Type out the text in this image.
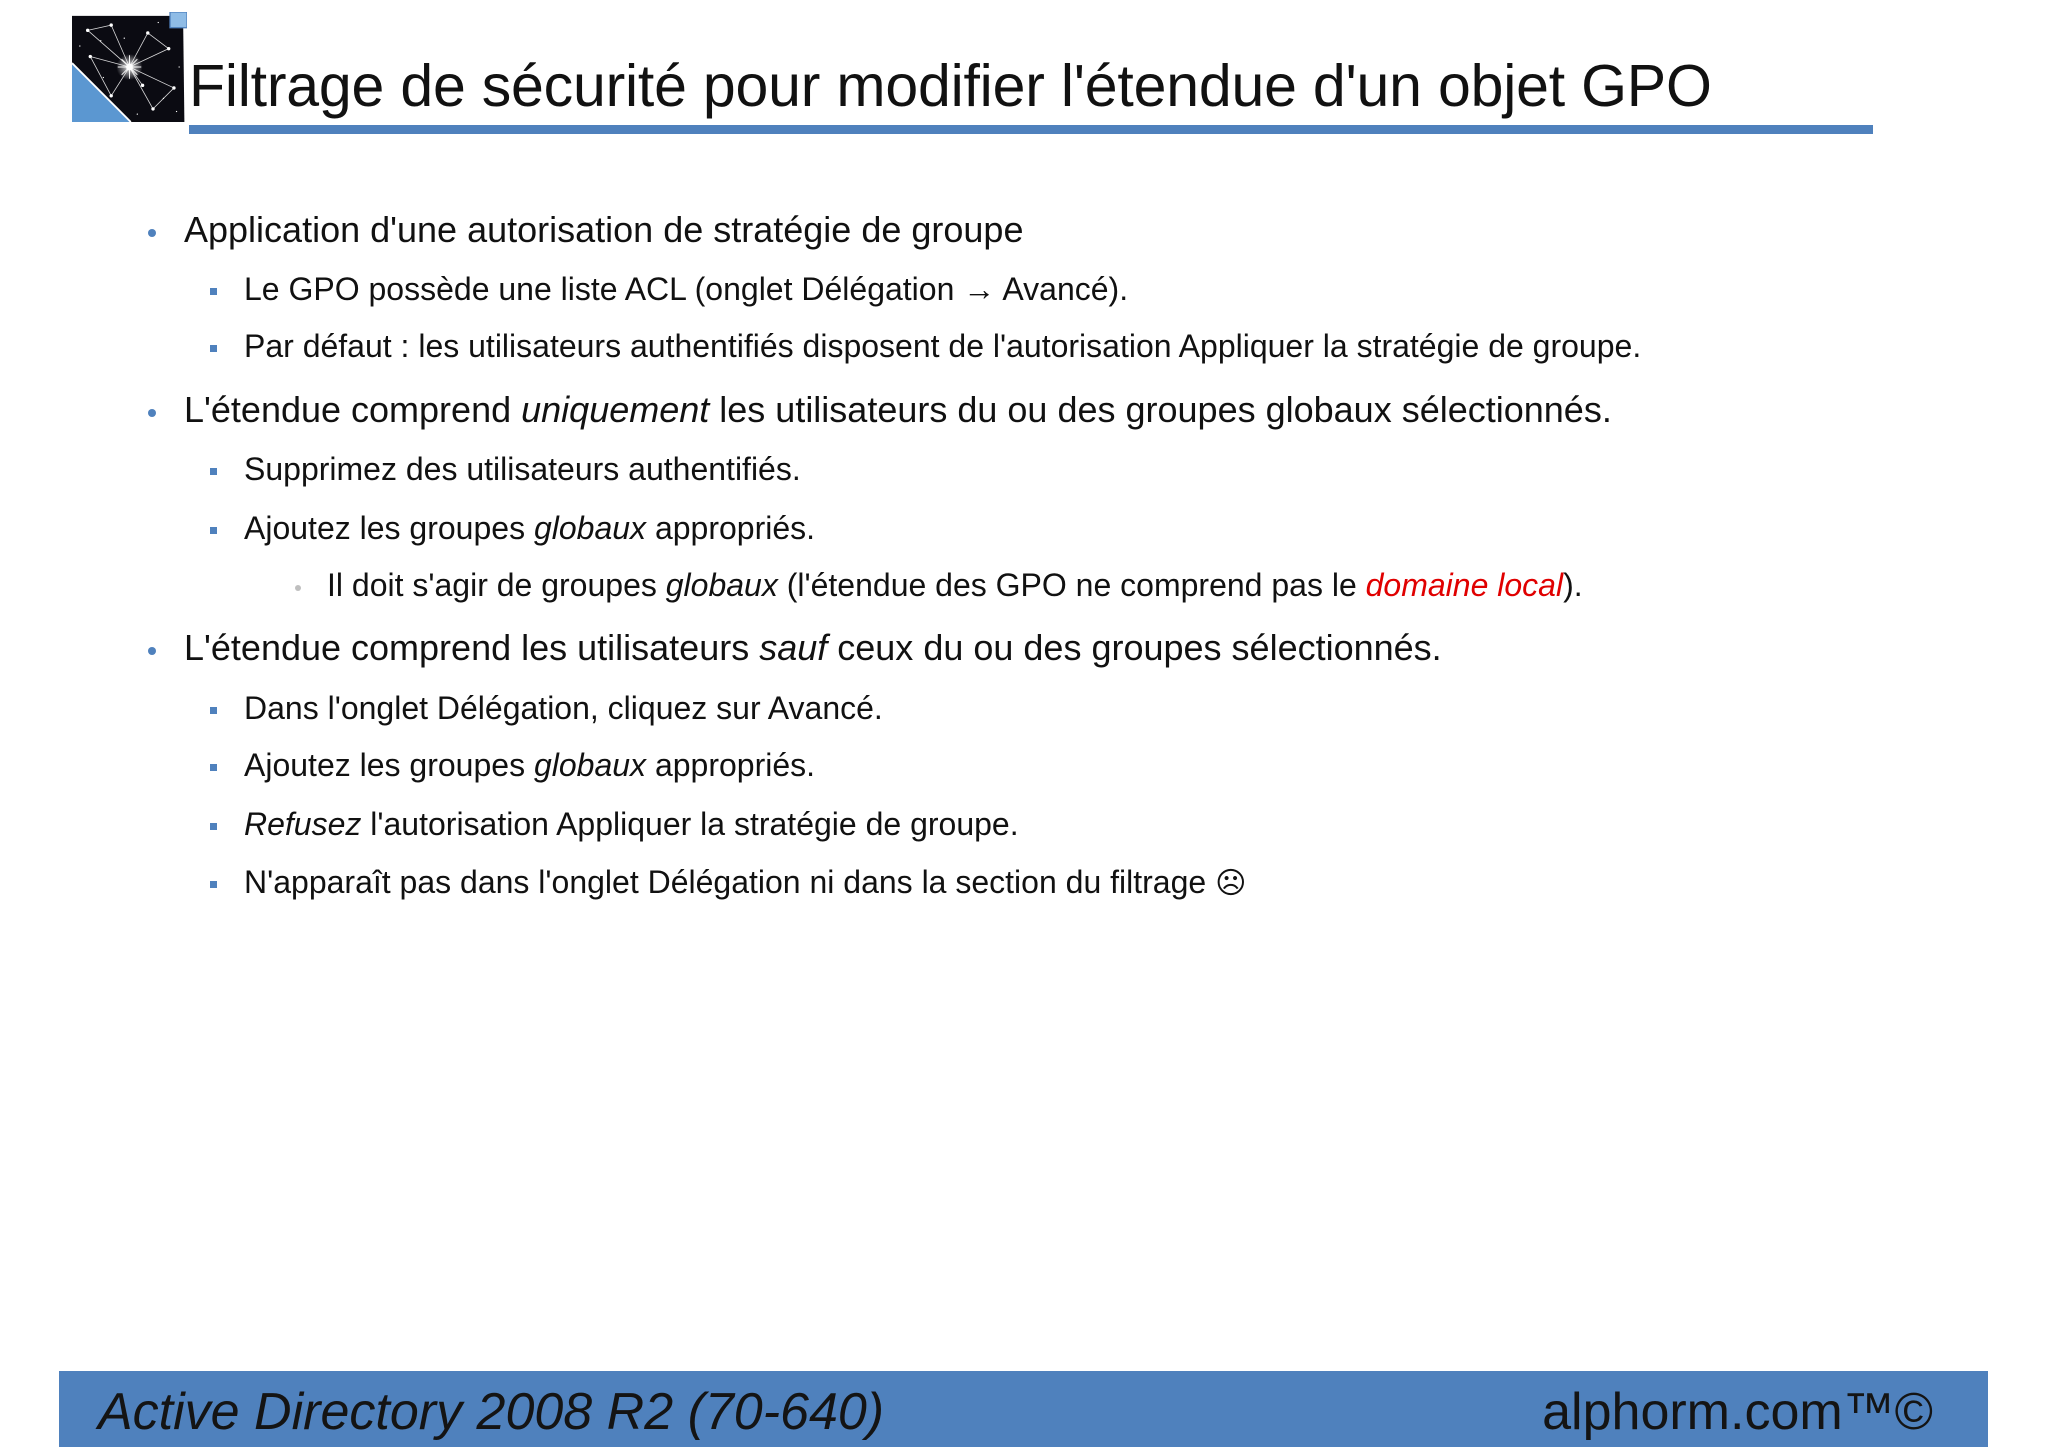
Filtrage de sécurité pour modifier l'étendue d'un objet GPO
Application d'une autorisation de stratégie de groupe
Le GPO possède une liste ACL (onglet Délégation → Avancé).
Par défaut : les utilisateurs authentifiés disposent de l'autorisation Appliquer la stratégie de groupe.
L'étendue comprend uniquement les utilisateurs du ou des groupes globaux sélectionnés.
Supprimez des utilisateurs authentifiés.
Ajoutez les groupes globaux appropriés.
Il doit s'agir de groupes globaux (l'étendue des GPO ne comprend pas le domaine local).
L'étendue comprend les utilisateurs sauf ceux du ou des groupes sélectionnés.
Dans l'onglet Délégation, cliquez sur Avancé.
Ajoutez les groupes globaux appropriés.
Refusez l'autorisation Appliquer la stratégie de groupe.
N'apparaît pas dans l'onglet Délégation ni dans la section du filtrage ☹
Active Directory 2008 R2 (70-640)	alphorm.com™©
